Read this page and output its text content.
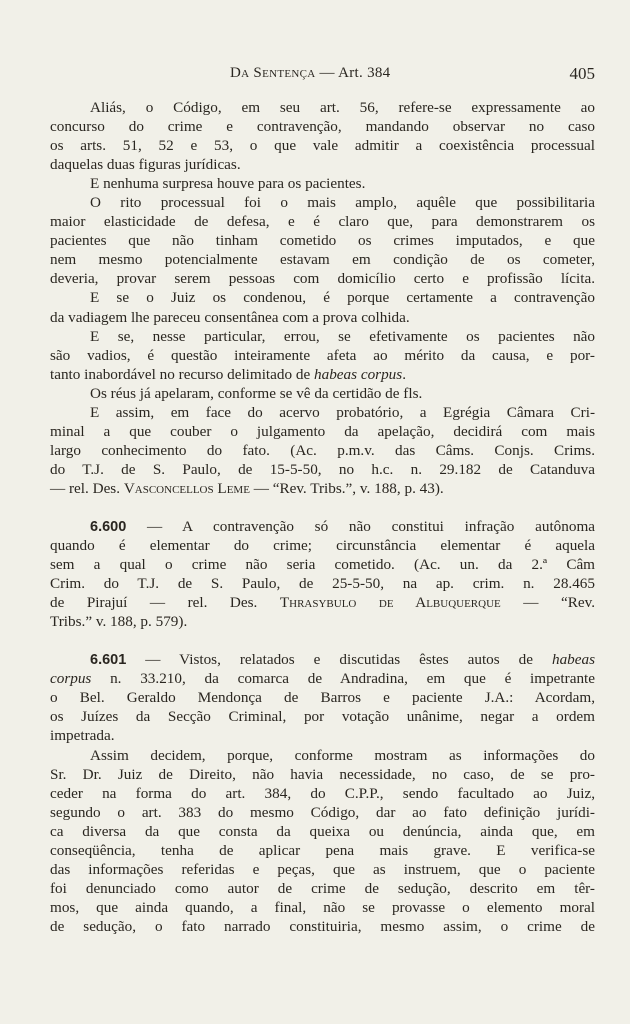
Da Sentença — Art. 384	405
Aliás, o Código, em seu art. 56, refere-se expressamente ao
concurso do crime e contravenção, mandando observar no caso
os arts. 51, 52 e 53, o que vale admitir a coexistência processual
daquelas duas figuras jurídicas.
E nenhuma surpresa houve para os pacientes.
O rito processual foi o mais amplo, aquêle que possibilitaria
maior elasticidade de defesa, e é claro que, para demonstrarem os
pacientes que não tinham cometido os crimes imputados, e que
nem mesmo potencialmente estavam em condição de os cometer,
deveria, provar serem pessoas com domicílio certo e profissão lícita.
E se o Juiz os condenou, é porque certamente a contravenção
da vadiagem lhe pareceu consentânea com a prova colhida.
E se, nesse particular, errou, se efetivamente os pacientes não
são vadios, é questão inteiramente afeta ao mérito da causa, e por-
tanto inabordável no recurso delimitado de habeas corpus.
Os réus já apelaram, conforme se vê da certidão de fls.
E assim, em face do acervo probatório, a Egrégia Câmara Cri-
minal a que couber o julgamento da apelação, decidirá com mais
largo conhecimento do fato. (Ac. p.m.v. das Câms. Conjs. Crims.
do T.J. de S. Paulo, de 15-5-50, no h.c. n. 29.182 de Catanduva
— rel. Des. Vasconcellos Leme — “Rev. Tribs.”, v. 188, p. 43).
6.600 — A contravenção só não constitui infração autônoma
quando é elementar do crime; circunstância elementar é aquela
sem a qual o crime não seria cometido. (Ac. un. da 2.ª Câm
Crim. do T.J. de S. Paulo, de 25-5-50, na ap. crim. n. 28.465
de Pirajuí — rel. Des. Thrasybulo de Albuquerque — “Rev.
Tribs.” v. 188, p. 579).
6.601 — Vistos, relatados e discutidas êstes autos de habeas
corpus n. 33.210, da comarca de Andradina, em que é impetrante
o Bel. Geraldo Mendonça de Barros e paciente J.A.: Acordam,
os Juízes da Secção Criminal, por votação unânime, negar a ordem
impetrada.
Assim decidem, porque, conforme mostram as informações do
Sr. Dr. Juiz de Direito, não havia necessidade, no caso, de se pro-
ceder na forma do art. 384, do C.P.P., sendo facultado ao Juiz,
segundo o art. 383 do mesmo Código, dar ao fato definição jurídi-
ca diversa da que consta da queixa ou denúncia, ainda que, em
conseqüência, tenha de aplicar pena mais grave. E verifica-se
das informações referidas e peças, que as instruem, que o paciente
foi denunciado como autor de crime de sedução, descrito em têr-
mos, que ainda quando, a final, não se provasse o elemento moral
de sedução, o fato narrado constituiria, mesmo assim, o crime de
